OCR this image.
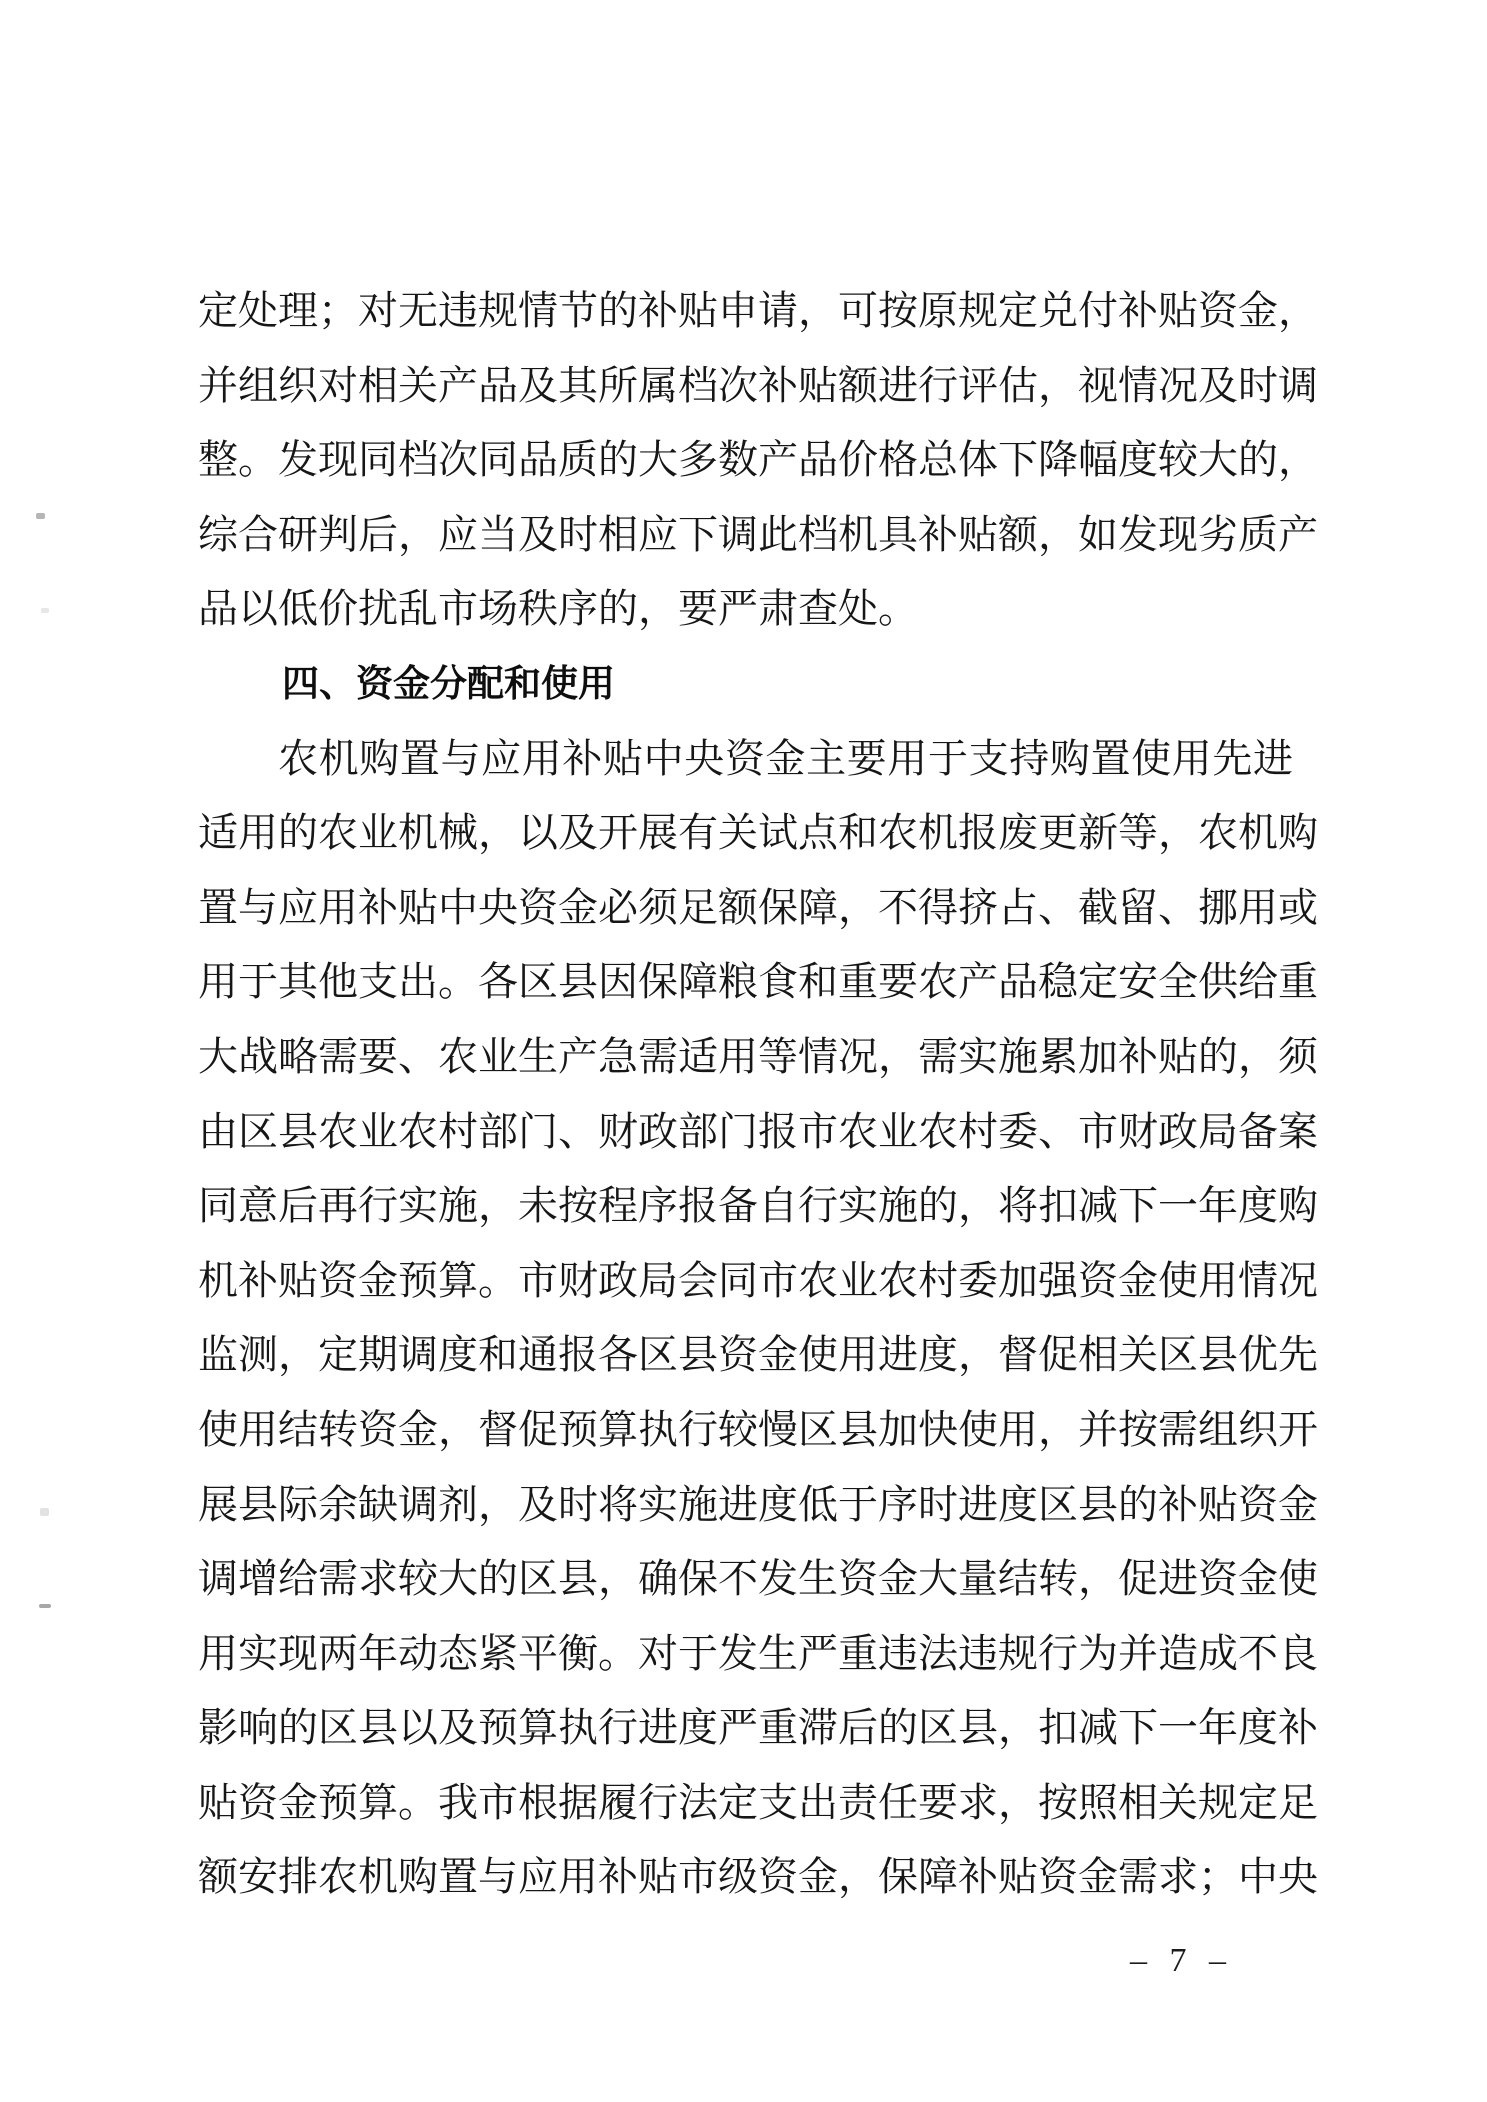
定 处 理 ； 对 无 违 规 情 节 的 补 贴 申 请 ， 可 按 原 规 定 兑 付 补 贴 资 金 ，
并 组 织 对 相 关 产 品 及 其 所 属 档 次 补 贴 额 进 行 评 估 ， 视 情 况 及 时 调
整 。 发 现 同 档 次 同 品 质 的 大 多 数 产 品 价 格 总 体 下 降 幅 度 较 大 的 ，
综 合 研 判 后 ， 应 当 及 时 相 应 下 调 此 档 机 具 补 贴 额 ， 如 发 现 劣 质 产
品以低价扰乱市场秩序的，要严肃查处。
四、资金分配和使用
农 机 购 置 与 应 用 补 贴 中 央 资 金 主 要 用 于 支 持 购 置 使 用 先 进
适 用 的 农 业 机 械 ， 以 及 开 展 有 关 试 点 和 农 机 报 废 更 新 等 ， 农 机 购
置 与 应 用 补 贴 中 央 资 金 必 须 足 额 保 障 ， 不 得 挤 占 、 截 留 、 挪 用 或
用 于 其 他 支 出 。 各 区 县 因 保 障 粮 食 和 重 要 农 产 品 稳 定 安 全 供 给 重
大 战 略 需 要 、 农 业 生 产 急 需 适 用 等 情 况 ， 需 实 施 累 加 补 贴 的 ， 须
由 区 县 农 业 农 村 部 门 、 财 政 部 门 报 市 农 业 农 村 委 、 市 财 政 局 备 案
同 意 后 再 行 实 施 ， 未 按 程 序 报 备 自 行 实 施 的 ， 将 扣 减 下 一 年 度 购
机 补 贴 资 金 预 算 。 市 财 政 局 会 同 市 农 业 农 村 委 加 强 资 金 使 用 情 况
监 测 ， 定 期 调 度 和 通 报 各 区 县 资 金 使 用 进 度 ， 督 促 相 关 区 县 优 先
使 用 结 转 资 金 ， 督 促 预 算 执 行 较 慢 区 县 加 快 使 用 ， 并 按 需 组 织 开
展 县 际 余 缺 调 剂 ， 及 时 将 实 施 进 度 低 于 序 时 进 度 区 县 的 补 贴 资 金
调 增 给 需 求 较 大 的 区 县 ， 确 保 不 发 生 资 金 大 量 结 转 ， 促 进 资 金 使
用 实 现 两 年 动 态 紧 平 衡 。 对 于 发 生 严 重 违 法 违 规 行 为 并 造 成 不 良
影 响 的 区 县 以 及 预 算 执 行 进 度 严 重 滞 后 的 区 县 ， 扣 减 下 一 年 度 补
贴 资 金 预 算 。 我 市 根 据 履 行 法 定 支 出 责 任 要 求 ， 按 照 相 关 规 定 足
额 安 排 农 机 购 置 与 应 用 补 贴 市 级 资 金 ， 保 障 补 贴 资 金 需 求 ； 中 央
– 7 –
